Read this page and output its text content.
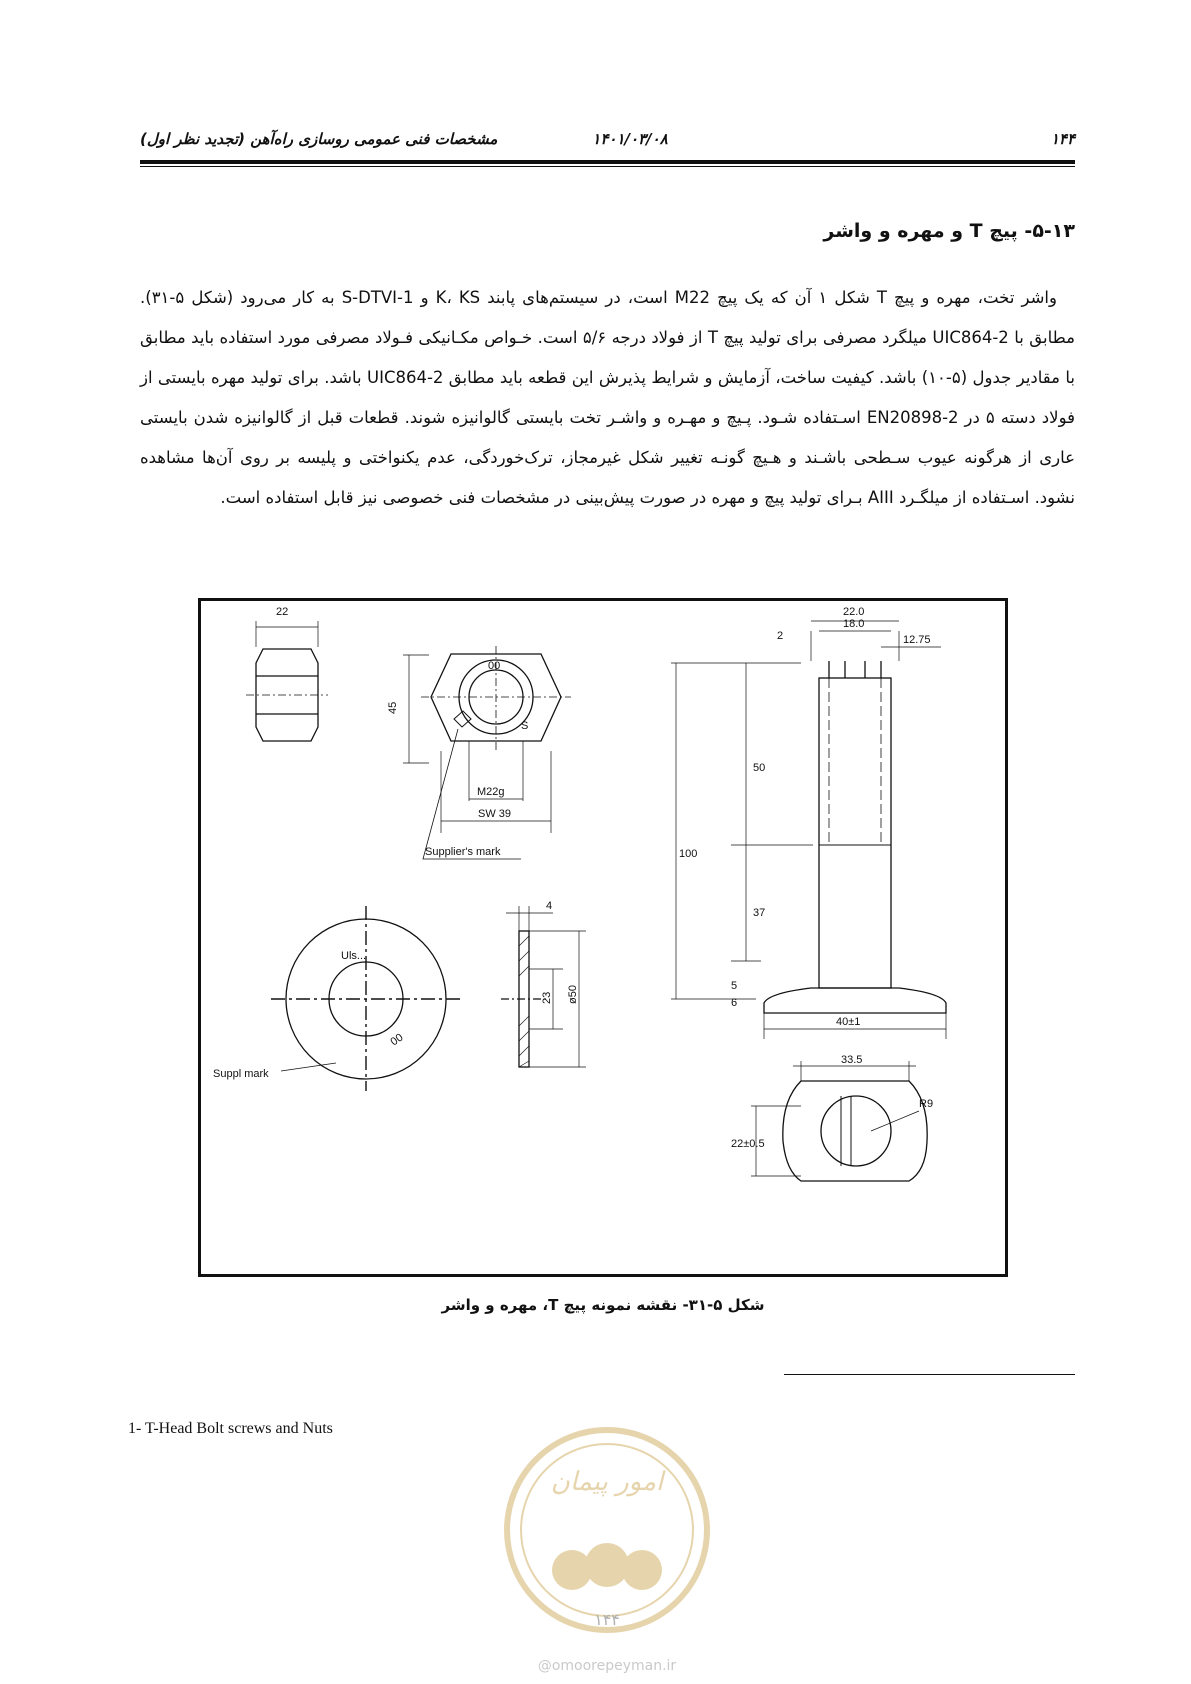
۱۴۴
۱۴۰۱/۰۳/۰۸
مشخصات فنی عمومی روسازی راه‌آهن (تجدید نظر اول)
۵-۱۳- پیچ T و مهره و واشر

واشر تخت، مهره و پیچ T شکل ۱ آن که یک پیچ M22 است، در سیستم‌های پابند K، KS و S-DTVI-1 به کار می‌رود (شکل ۵-۳۱). مطابق با UIC864-2 میلگرد مصرفی برای تولید پیچ T از فولاد درجه ۵/۶ است. خـواص مکـانیکی فـولاد مصرفی مورد استفاده باید مطابق با مقادیر جدول (۵-۱۰) باشد. کیفیت ساخت، آزمایش و شرایط پذیرش این قطعه باید مطابق UIC864-2 باشد. برای تولید مهره بایستی از فولاد دسته ۵ در EN20898-2 اسـتفاده شـود. پـیچ و مهـره و واشـر تخت بایستی گالوانیزه شوند. قطعات قبل از گالوانیزه شدن بایستی عاری از هرگونه عیوب سـطحی باشـند و هـیچ گونـه تغییر شکل غیرمجاز، ترک‌خوردگی، عدم یکنواختی و پلیسه بر روی آن‌ها مشاهده نشود. اسـتفاده از میلگـرد AIII بـرای تولید پیچ و مهره در صورت پیش‌بینی در مشخصات فنی خصوصی نیز قابل استفاده است.

22
45
00
S
M22g
SW 39
Supplier's mark
Uls...
00
Suppl mark
4
23 ø50
22.0
18.0
2	12.75
50
100
37
5
6
40±1
33.5
R9
22±0.5
شکل ۵-۳۱- نقشه نمونه پیچ T، مهره و واشر
1- T-Head Bolt screws and Nuts
امور پیمان
۱۴۴
@omoorepeyman.ir
